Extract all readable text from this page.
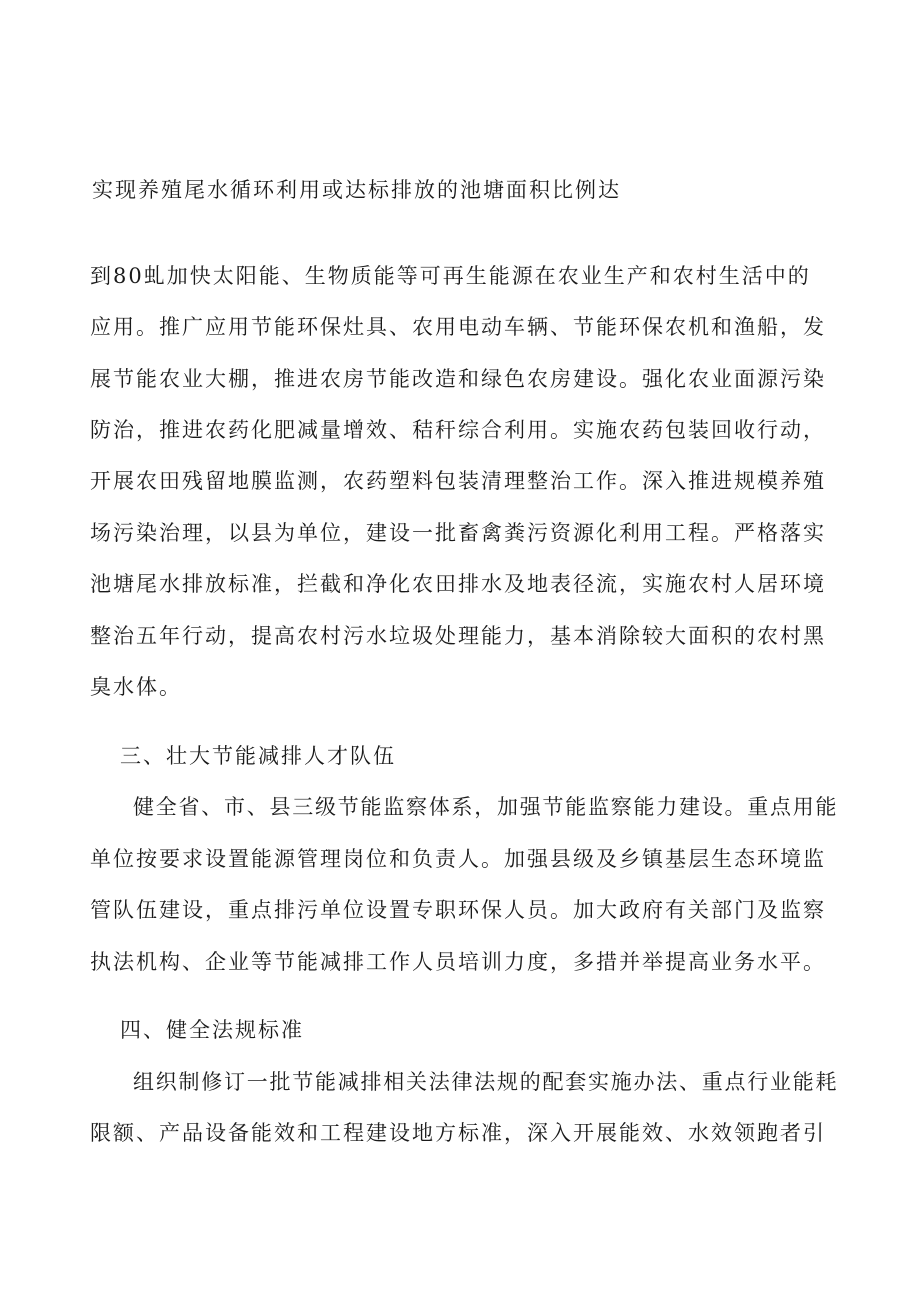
实现养殖尾水循环利用或达标排放的池塘面积比例达
到80虬加快太阳能、生物质能等可再生能源在农业生产和农村生活中的
应用。推广应用节能环保灶具、农用电动车辆、节能环保农机和渔船，发
展节能农业大棚，推进农房节能改造和绿色农房建设。强化农业面源污染
防治，推进农药化肥减量增效、秸秆综合利用。实施农药包装回收行动，
开展农田残留地膜监测，农药塑料包装清理整治工作。深入推进规模养殖
场污染治理，以县为单位，建设一批畜禽粪污资源化利用工程。严格落实
池塘尾水排放标准，拦截和净化农田排水及地表径流，实施农村人居环境
整治五年行动，提高农村污水垃圾处理能力，基本消除较大面积的农村黑
臭水体。
三、壮大节能减排人才队伍
健全省、市、县三级节能监察体系，加强节能监察能力建设。重点用能
单位按要求设置能源管理岗位和负责人。加强县级及乡镇基层生态环境监
管队伍建设，重点排污单位设置专职环保人员。加大政府有关部门及监察
执法机构、企业等节能减排工作人员培训力度，多措并举提高业务水平。
四、健全法规标准
组织制修订一批节能减排相关法律法规的配套实施办法、重点行业能耗
限额、产品设备能效和工程建设地方标准，深入开展能效、水效领跑者引
